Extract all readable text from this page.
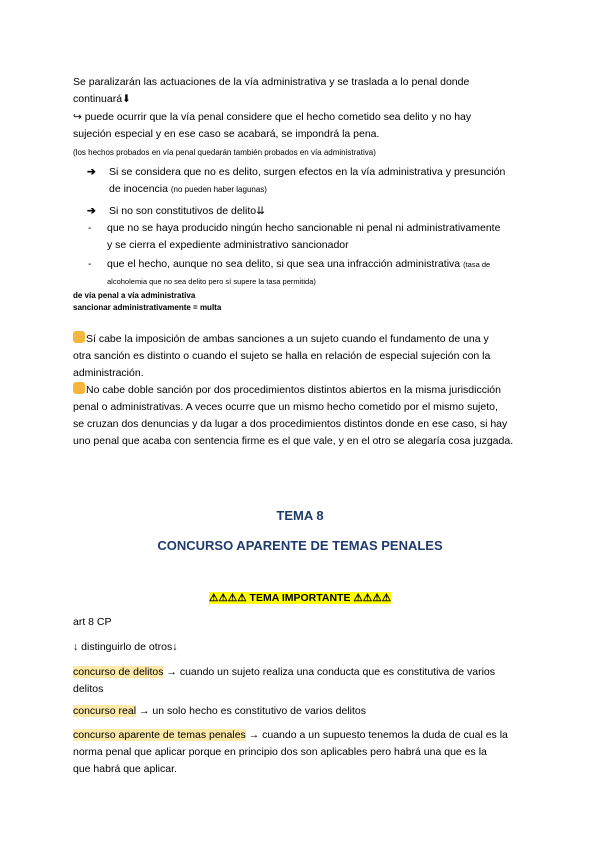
Se paralizarán las actuaciones de la vía administrativa y se traslada a lo penal donde
continuará⬇
↪ puede ocurrir que la vía penal considere que el hecho cometido sea delito y no hay
sujeción especial y en ese caso se acabará, se impondrá la pena.
(los hechos probados en vía penal quedarán también probados en vía administrativa)
➔ Si se considera que no es delito, surgen efectos en la vía administrativa y presunción

de inocencia (no pueden haber lagunas)
➔ Si no son constitutivos de delito⇊
- que no se haya producido ningún hecho sancionable ni penal ni administrativamente
y se cierra el expediente administrativo sancionador
- que el hecho, aunque no sea delito, si que sea una infracción administrativa (tasa de
alcoholemia que no sea delito pero sí supere la tasa permitida)
de vía penal a vía administrativa
sancionar administrativamente = multa
Sí cabe la imposición de ambas sanciones a un sujeto cuando el fundamento de una y
otra sanción es distinto o cuando el sujeto se halla en relación de especial sujeción con la
administración.
No cabe doble sanción por dos procedimientos distintos abiertos en la misma jurisdicción
penal o administrativas. A veces ocurre que un mismo hecho cometido por el mismo sujeto,
se cruzan dos denuncias y da lugar a dos procedimientos distintos donde en ese caso, si hay
uno penal que acaba con sentencia firme es el que vale, y en el otro se alegaría cosa juzgada.
TEMA 8
CONCURSO APARENTE DE TEMAS PENALES
⚠⚠⚠⚠ TEMA IMPORTANTE ⚠⚠⚠⚠
art 8 CP
↓ distinguirlo de otros↓
concurso de delitos → cuando un sujeto realiza una conducta que es constitutiva de varios
delitos
concurso real → un solo hecho es constitutivo de varios delitos
concurso aparente de temas penales → cuando a un supuesto tenemos la duda de cual es la
norma penal que aplicar porque en principio dos son aplicables pero habrá una que es la
que habrá que aplicar.
